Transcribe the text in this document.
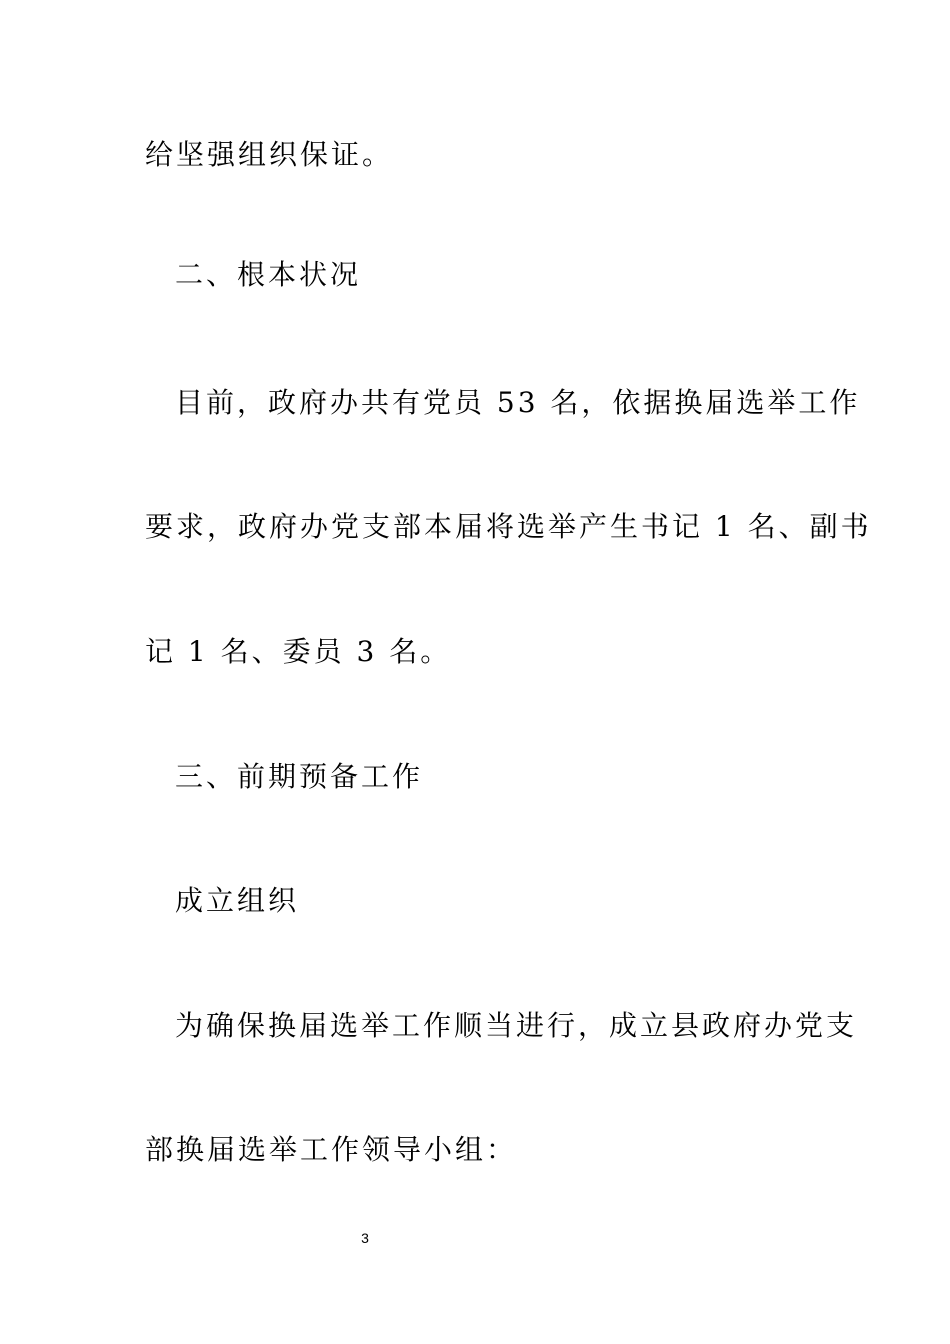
给坚强组织保证。
二、根本状况
目前，政府办共有党员 53 名，依据换届选举工作
要求，政府办党支部本届将选举产生书记 1 名、副书
记 1 名、委员 3 名。
三、前期预备工作
成立组织
为确保换届选举工作顺当进行，成立县政府办党支
部换届选举工作领导小组：
3
